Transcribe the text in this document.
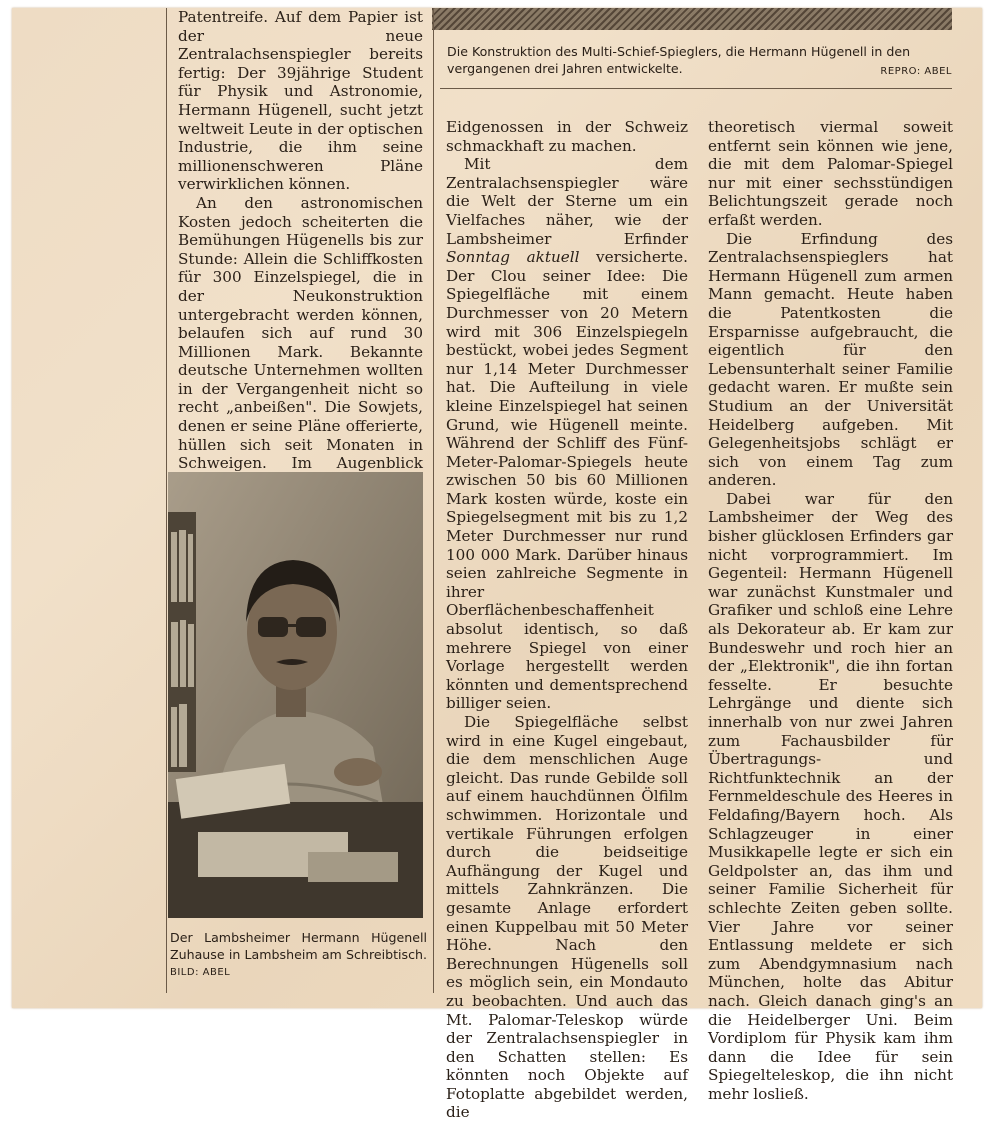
Patentreife. Auf dem Papier ist der neue Zentralachsenspiegler bereits fertig: Der 39jährige Student für Physik und Astronomie, Hermann Hügenell, sucht jetzt weltweit Leute in der optischen Industrie, die ihm seine millionenschweren Pläne verwirklichen können.

An den astronomischen Kosten jedoch scheiterten die Bemühungen Hügenells bis zur Stunde: Allein die Schliffkosten für 300 Einzelspiegel, die in der Neukonstruktion untergebracht werden können, belaufen sich auf rund 30 Millionen Mark. Bekannte deutsche Unternehmen wollten in der Vergangenheit nicht so recht „anbeißen". Die Sowjets, denen er seine Pläne offerierte, hüllen sich seit Monaten in Schweigen. Im Augenblick

Die Konstruktion des Multi-Schief-Spieglers, die Hermann Hügenell in den vergangenen drei Jahren entwickelte.	REPRO: ABEL
Der Lambsheimer Hermann Hügenell Zuhause in Lambsheim am Schreibtisch. BILD: ABEL

Eidgenossen in der Schweiz schmackhaft zu machen.

Mit dem Zentralachsenspiegler wäre die Welt der Sterne um ein Vielfaches näher, wie der Lambsheimer Erfinder Sonntag aktuell versicherte. Der Clou seiner Idee: Die Spiegelfläche mit einem Durchmesser von 20 Metern wird mit 306 Einzelspiegeln bestückt, wobei jedes Segment nur 1,14 Meter Durchmesser hat. Die Aufteilung in viele kleine Einzelspiegel hat seinen Grund, wie Hügenell meinte. Während der Schliff des Fünf-Meter-Palomar-Spiegels heute zwischen 50 bis 60 Millionen Mark kosten würde, koste ein Spiegelsegment mit bis zu 1,2 Meter Durchmesser nur rund 100 000 Mark. Darüber hinaus seien zahlreiche Segmente in ihrer Oberflächenbeschaffenheit absolut identisch, so daß mehrere Spiegel von einer Vorlage hergestellt werden könnten und dementsprechend billiger seien.

Die Spiegelfläche selbst wird in eine Kugel eingebaut, die dem menschlichen Auge gleicht. Das runde Gebilde soll auf einem hauchdünnen Ölfilm schwimmen. Horizontale und vertikale Führungen erfolgen durch die beidseitige Aufhängung der Kugel und mittels Zahnkränzen. Die gesamte Anlage erfordert einen Kuppelbau mit 50 Meter Höhe. Nach den Berechnungen Hügenells soll es möglich sein, ein Mondauto zu beobachten. Und auch das Mt. Palomar-Teleskop würde der Zentralachsenspiegler in den Schatten stellen: Es könnten noch Objekte auf Fotoplatte abgebildet werden, die

theoretisch viermal soweit entfernt sein können wie jene, die mit dem Palomar-Spiegel nur mit einer sechsstündigen Belichtungszeit gerade noch erfaßt werden.

Die Erfindung des Zentralachsenspieglers hat Hermann Hügenell zum armen Mann gemacht. Heute haben die Patentkosten die Ersparnisse aufgebraucht, die eigentlich für den Lebensunterhalt seiner Familie gedacht waren. Er mußte sein Studium an der Universität Heidelberg aufgeben. Mit Gelegenheitsjobs schlägt er sich von einem Tag zum anderen.

Dabei war für den Lambsheimer der Weg des bisher glücklosen Erfinders gar nicht vorprogrammiert. Im Gegenteil: Hermann Hügenell war zunächst Kunstmaler und Grafiker und schloß eine Lehre als Dekorateur ab. Er kam zur Bundeswehr und roch hier an der „Elektronik", die ihn fortan fesselte. Er besuchte Lehrgänge und diente sich innerhalb von nur zwei Jahren zum Fachausbilder für Übertragungs- und Richtfunktechnik an der Fernmeldeschule des Heeres in Feldafing/Bayern hoch. Als Schlagzeuger in einer Musikkapelle legte er sich ein Geldpolster an, das ihm und seiner Familie Sicherheit für schlechte Zeiten geben sollte. Vier Jahre vor seiner Entlassung meldete er sich zum Abendgymnasium nach München, holte das Abitur nach. Gleich danach ging's an die Heidelberger Uni. Beim Vordiplom für Physik kam ihm dann die Idee für sein Spiegelteleskop, die ihn nicht mehr losließ.
